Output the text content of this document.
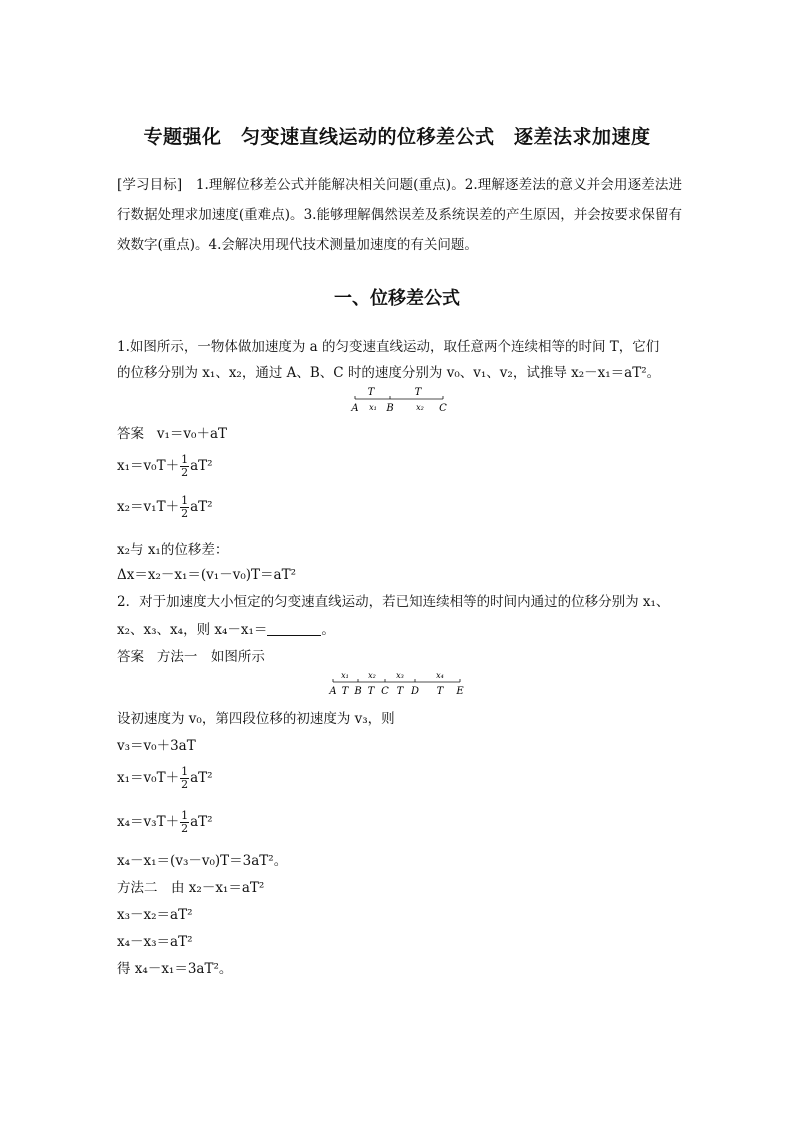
专题强化　匀变速直线运动的位移差公式　逐差法求加速度
[学习目标]　1.理解位移差公式并能解决相关问题(重点)。2.理解逐差法的意义并会用逐差法进行数据处理求加速度(重难点)。3.能够理解偶然误差及系统误差的产生原因，并会按要求保留有效数字(重点)。4.会解决用现代技术测量加速度的有关问题。
一、位移差公式
1.如图所示，一物体做加速度为 a 的匀变速直线运动，取任意两个连续相等的时间 T，它们
的位移分别为 x₁、x₂，通过 A、B、C 时的速度分别为 v₀、v₁、v₂，试推导 x₂－x₁＝aT²。
T	T
A x₁ B	x₂ C
答案 v₁＝v₀＋aT
$x_1=v_0T+ \frac{1}{2} aT^2$
$x_2=v_1T+ \frac{1}{2} aT^2$
x₂与 x₁的位移差：
Δx＝x₂－x₁＝(v₁－v₀)T＝aT²
2．对于加速度大小恒定的匀变速直线运动，若已知连续相等的时间内通过的位移分别为 x₁、
x₂、x₃、x₄，则 x₄－x₁＝	。
答案 方法一　如图所示
x₁ x₂	x₃	x₄
A T B T C T D T E
设初速度为 v₀，第四段位移的初速度为 v₃，则
v₃＝v₀＋3aT
$x_1=v_0T+ \frac{1}{2} aT^2$
$x_4=v_3T+ \frac{1}{2} aT^2$
x₄－x₁＝(v₃－v₀)T＝3aT²。
方法二　由 x₂－x₁＝aT²
x₃－x₂＝aT²
x₄－x₃＝aT²
得 x₄－x₁＝3aT²。
